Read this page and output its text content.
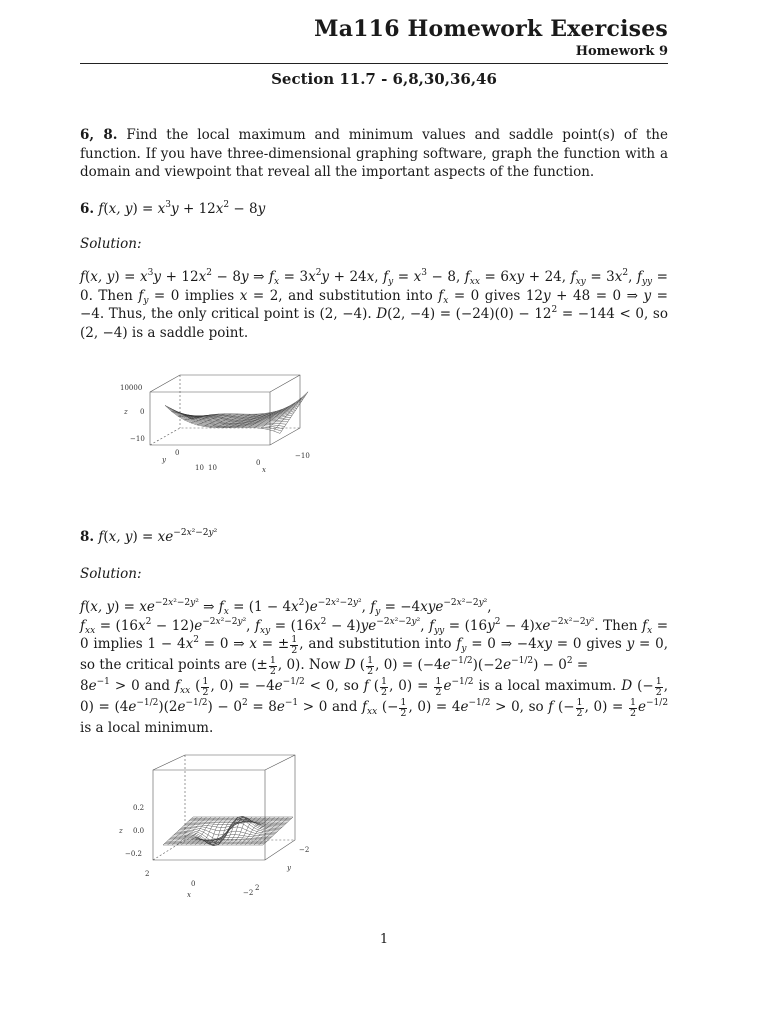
Ma116 Homework Exercises
Homework 9
Section 11.7 - 6,8,30,36,46
6, 8. Find the local maximum and minimum values and saddle point(s) of the function. If you have three-dimensional graphing software, graph the function with a domain and viewpoint that reveal all the important aspects of the function.
6. f(x, $y) = x^3y + 12x^2 - 8y$
Solution:
f(x, $y) = x^3y + 12x^2 - 8y$ ⇒ $f_x = 3x^2y + 24x$, $f_y = x^3 - 8$, $f_{xx} = 6xy + 24$, $f_{xy} = 3x^2$, $f_{yy} = 0$. Then $f_y = 0$ implies x = 2, and substitution into $f_x = 0$ gives 12y + 48 = 0 ⇒ y = −4. Thus, the only critical point is (2, −4). D(2, $-4) = (-24)(0) - 12^2 = -144 < 0$, so (2, −4) is a saddle point.
10000
0
−10
z
y
0
10 10
0
x
−10
8. f(x, $y) = xe^{-2x^2-2y^2}$
Solution:
f(x, $y) = xe^{-2x^2-2y^2}$ ⇒ $f_x = (1 - 4x^2)e^{-2x^2-2y^2}$, $f_y = -4xye^{-2x^2-2y^2}$,
$f_{xx} = (16x^2 - 12)e^{-2x^2-2y^2}$, $f_{xy} = (16x^2 - 4)ye^{-2x^2-2y^2}$, $f_{yy} = (16y^2 - 4)xe^{-2x^2-2y^2}$. Then $f_x = 0$ implies $1 - 4x^2 = 0$ ⇒ x = ± $\frac{1}{2}$ , and substitution into $f_y = 0$ ⇒ −4xy = 0 gives y = 0, so the critical points are (± $\frac{1}{2}$ , 0). Now D ( $\frac{1}{2}$ , $0) = (-4e^{-1/2})(-2e^{-1/2}) - 0^2$ =
$8e^{-1} > 0$ and $f_{xx}$ ( $\frac{1}{2}$ , $0) = -4e^{-1/2} < 0$, so f ( $\frac{1}{2}$ , $0) = \frac{1}{2} e^{-1/2}$ is a local maximum. D (− $\frac{1}{2}$ , $0) = (4e^{-1/2})(2e^{-1/2}) - 0^2 = 8e^{-1} > 0$ and $f_{xx}$ (− $\frac{1}{2}$ , $0) = 4e^{-1/2} > 0$, so f (− $\frac{1}{2}$ , $0) = \frac{1}{2} e^{-1/2}$ is a local minimum.
0.2
0.0
−0.2
z
2
0
x	−2
2
y
−2
1
